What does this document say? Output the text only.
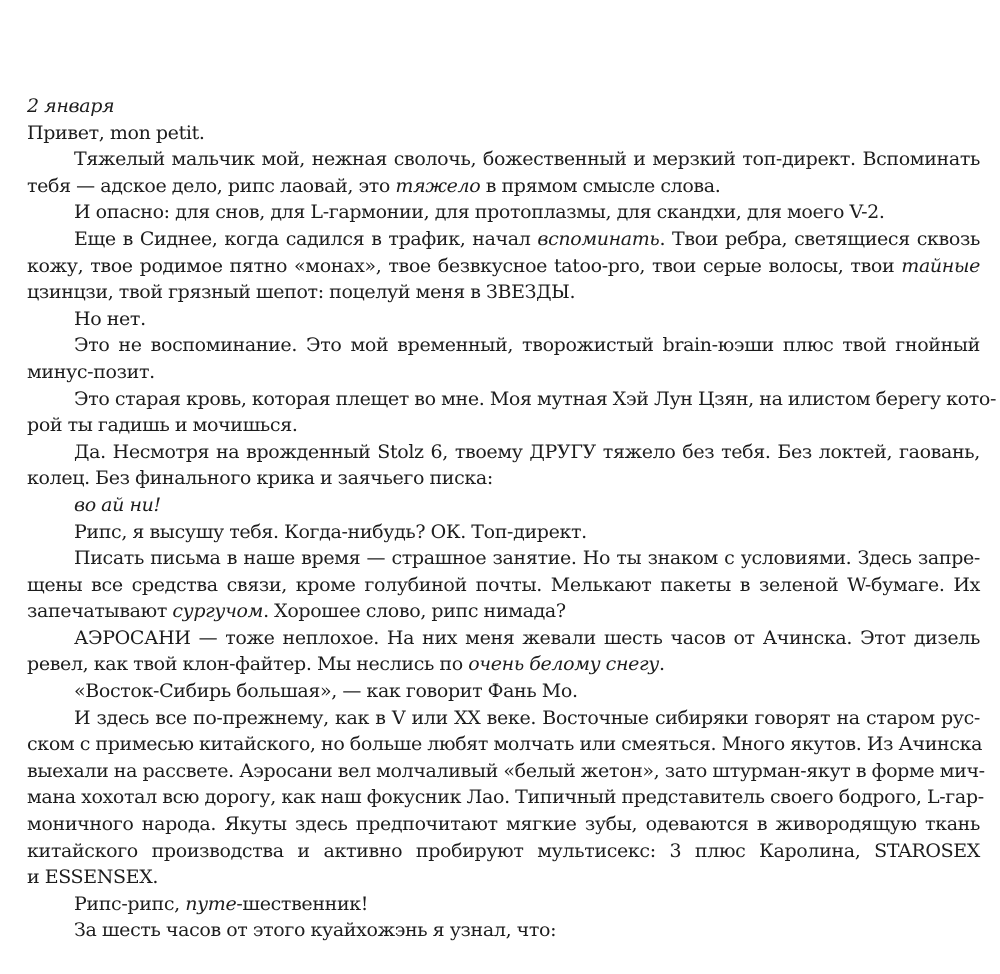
2 января
Привет, mon petit.
Тяжелый мальчик мой, нежная сволочь, божественный и мерзкий топ-директ. Вспоминать
тебя — адское дело, рипс лаовай, это тяжело в прямом смысле слова.
И опасно: для снов, для L-гармонии, для протоплазмы, для скандхи, для моего V-2.
Еще в Сиднее, когда садился в трафик, начал вспоминать. Твои ребра, светящиеся сквозь
кожу, твое родимое пятно «монах», твое безвкусное tatoo-pro, твои серые волосы, твои тайные
цзинцзи, твой грязный шепот: поцелуй меня в ЗВЕЗДЫ.
Но нет.
Это не воспоминание. Это мой временный, творожистый brain-юэши плюс твой гнойный
минус-позит.
Это старая кровь, которая плещет во мне. Моя мутная Хэй Лун Цзян, на илистом берегу кото-
рой ты гадишь и мочишься.
Да. Несмотря на врожденный Stolz 6, твоему ДРУГУ тяжело без тебя. Без локтей, гаовань,
колец. Без финального крика и заячьего писка:
во ай ни!
Рипс, я высушу тебя. Когда-нибудь? ОК. Топ-директ.
Писать письма в наше время — страшное занятие. Но ты знаком с условиями. Здесь запре-
щены все средства связи, кроме голубиной почты. Мелькают пакеты в зеленой W-бумаге. Их
запечатывают сургучом. Хорошее слово, рипс нимада?
АЭРОСАНИ — тоже неплохое. На них меня жевали шесть часов от Ачинска. Этот дизель
ревел, как твой клон-файтер. Мы неслись по очень белому снегу.
«Восток-Сибирь большая», — как говорит Фань Мо.
И здесь все по-прежнему, как в V или XX веке. Восточные сибиряки говорят на старом рус-
ском с примесью китайского, но больше любят молчать или смеяться. Много якутов. Из Ачинска
выехали на рассвете. Аэросани вел молчаливый «белый жетон», зато штурман-якут в форме мич-
мана хохотал всю дорогу, как наш фокусник Лао. Типичный представитель своего бодрого, L-гар-
моничного народа. Якуты здесь предпочитают мягкие зубы, одеваются в живородящую ткань
китайского производства и активно пробируют мультисекс: 3 плюс Каролина, STAROSEX
и ESSENSEX.
Рипс-рипс, путе-шественник!
За шесть часов от этого куайхожэнь я узнал, что:
